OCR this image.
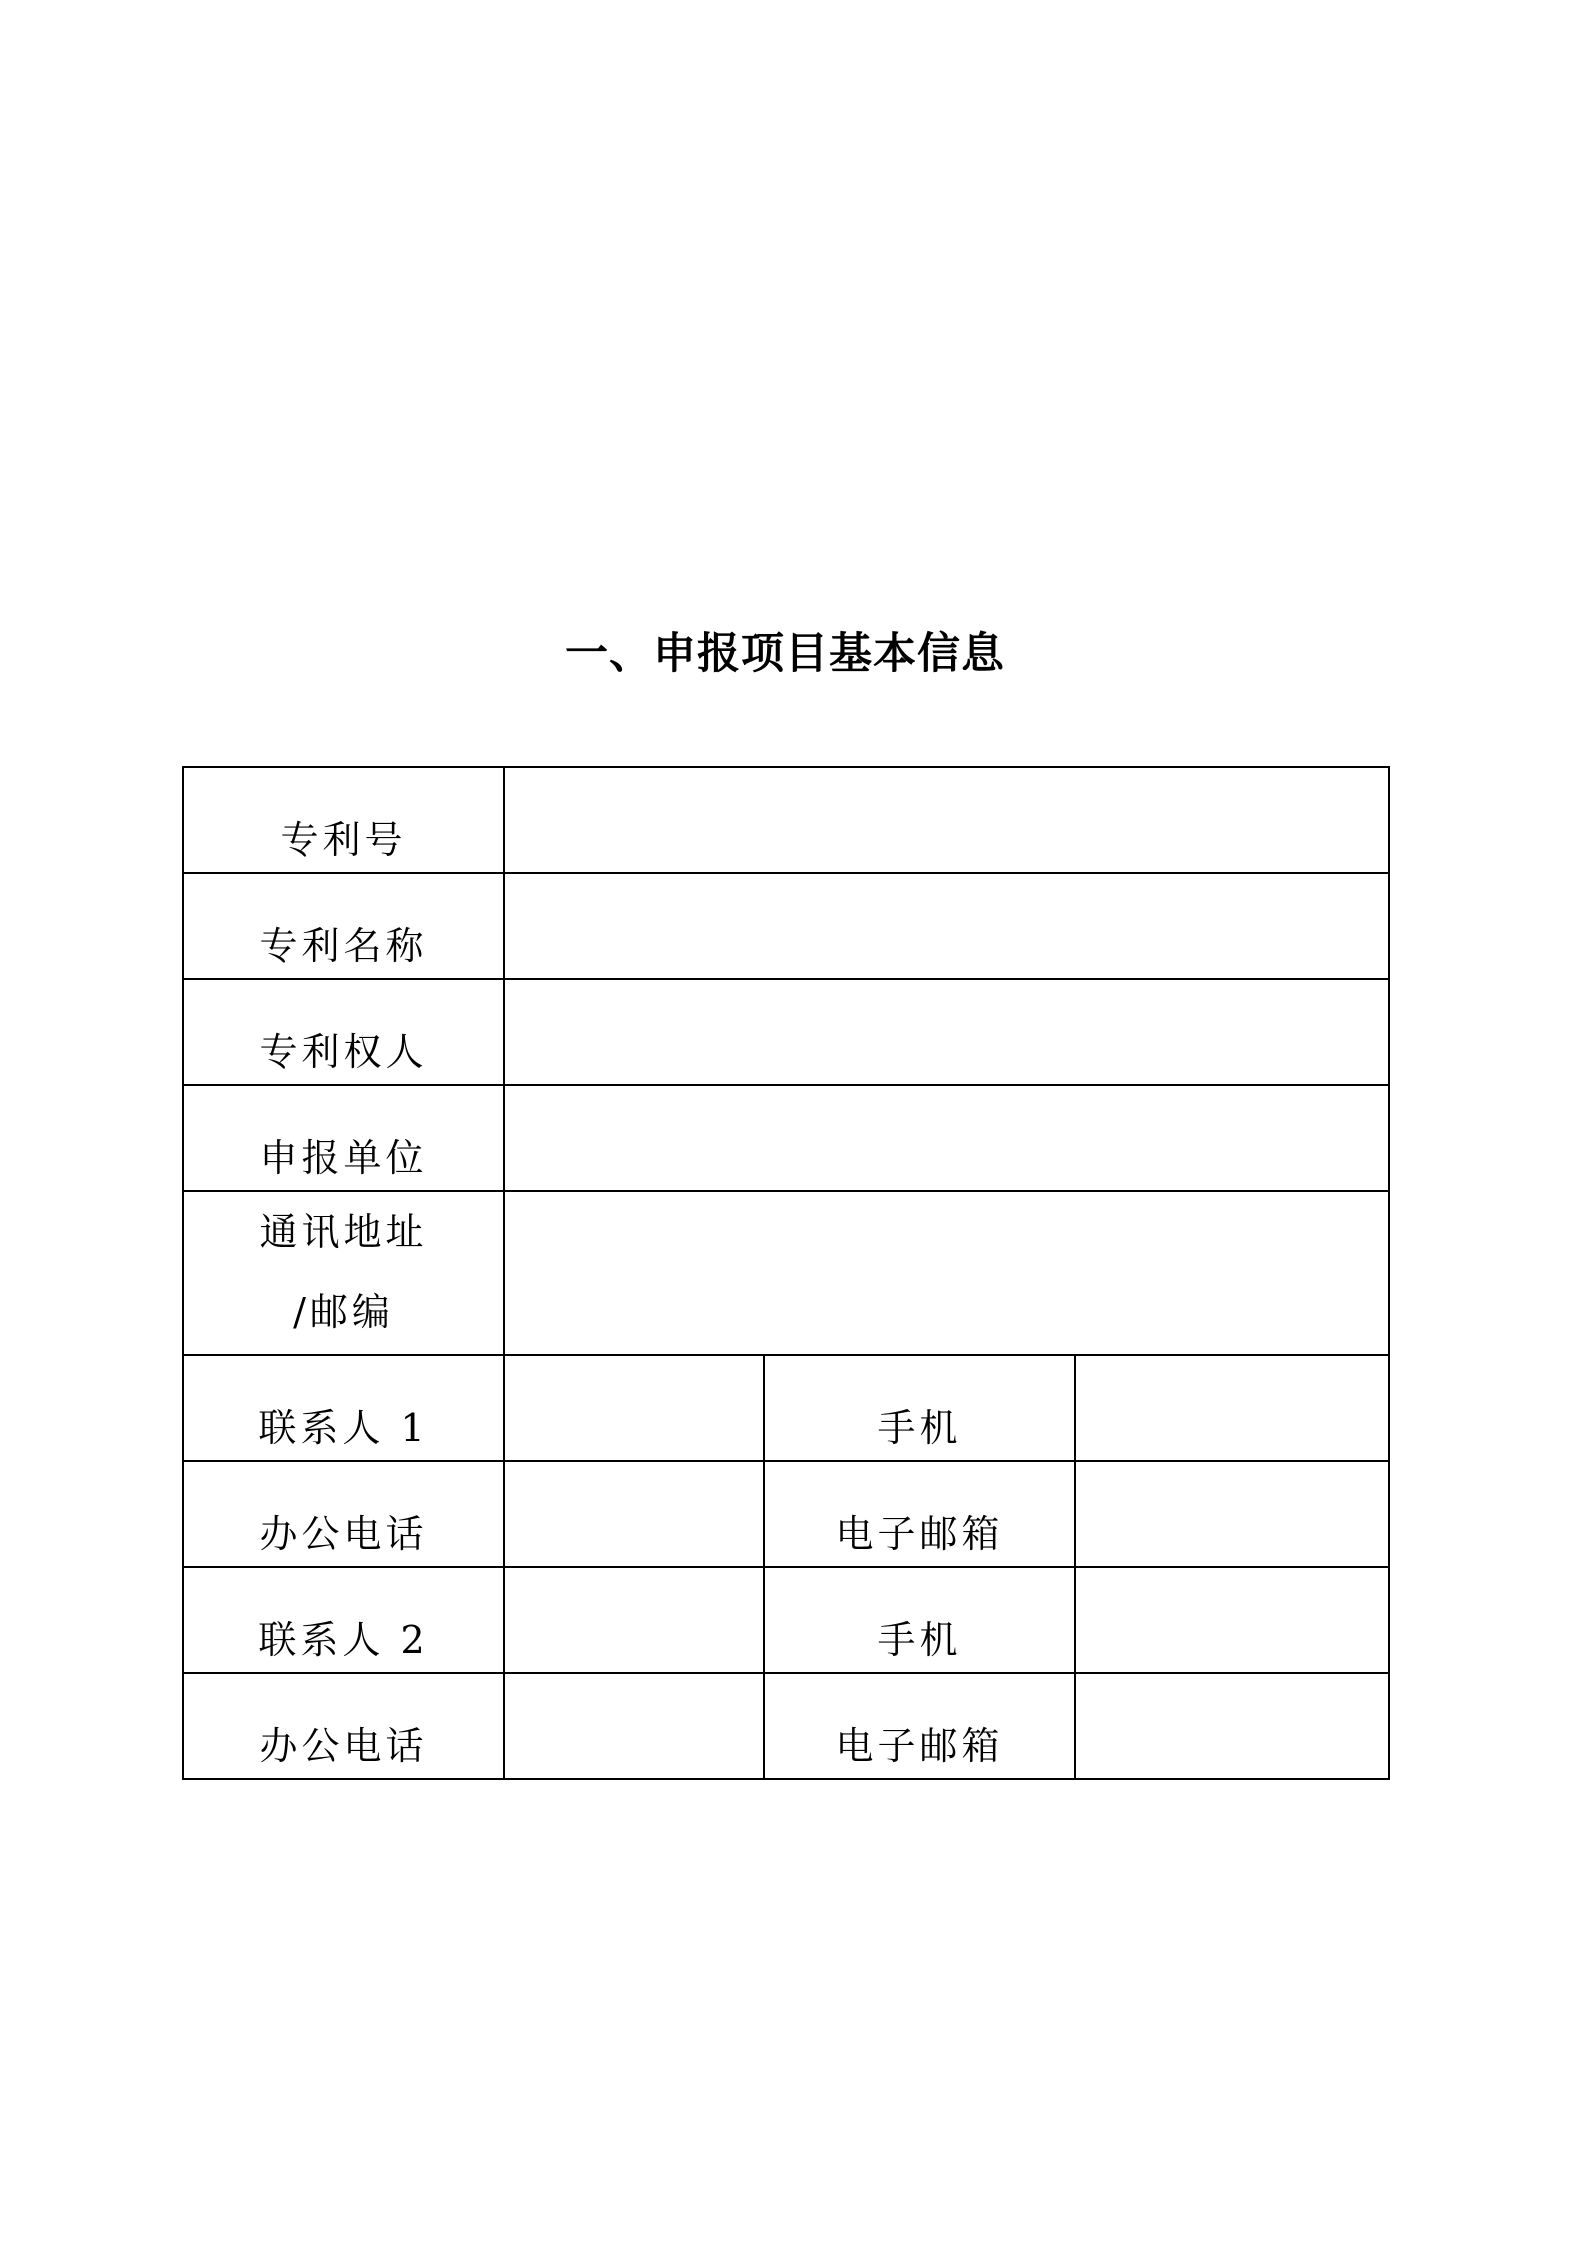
一、申报项目基本信息
专利号			

专利名称			

专利权人			

申报单位			

通讯地址
/邮编			

联系人 1		手机	

办公电话		电子邮箱	

联系人 2		手机	

办公电话		电子邮箱	
